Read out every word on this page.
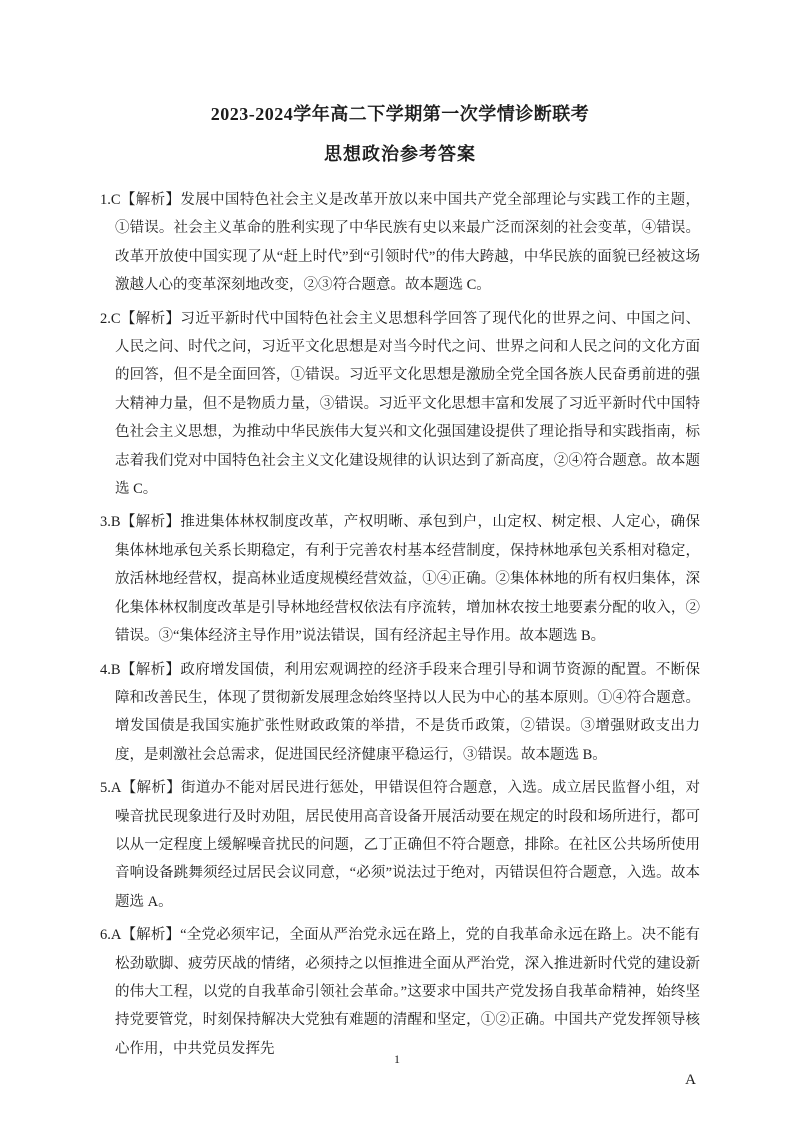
2023-2024学年高二下学期第一次学情诊断联考
思想政治参考答案

1.C【解析】发展中国特色社会主义是改革开放以来中国共产党全部理论与实践工作的主题，①错误。社会主义革命的胜利实现了中华民族有史以来最广泛而深刻的社会变革，④错误。改革开放使中国实现了从“赶上时代”到“引领时代”的伟大跨越，中华民族的面貌已经被这场激越人心的变革深刻地改变，②③符合题意。故本题选 C。

2.C【解析】习近平新时代中国特色社会主义思想科学回答了现代化的世界之问、中国之问、人民之问、时代之问，习近平文化思想是对当今时代之问、世界之问和人民之问的文化方面的回答，但不是全面回答，①错误。习近平文化思想是激励全党全国各族人民奋勇前进的强大精神力量，但不是物质力量，③错误。习近平文化思想丰富和发展了习近平新时代中国特色社会主义思想，为推动中华民族伟大复兴和文化强国建设提供了理论指导和实践指南，标志着我们党对中国特色社会主义文化建设规律的认识达到了新高度，②④符合题意。故本题选 C。

3.B【解析】推进集体林权制度改革，产权明晰、承包到户，山定权、树定根、人定心，确保集体林地承包关系长期稳定，有利于完善农村基本经营制度，保持林地承包关系相对稳定，放活林地经营权，提高林业适度规模经营效益，①④正确。②集体林地的所有权归集体，深化集体林权制度改革是引导林地经营权依法有序流转，增加林农按土地要素分配的收入，②错误。③“集体经济主导作用”说法错误，国有经济起主导作用。故本题选 B。

4.B【解析】政府增发国债，利用宏观调控的经济手段来合理引导和调节资源的配置。不断保障和改善民生，体现了贯彻新发展理念始终坚持以人民为中心的基本原则。①④符合题意。增发国债是我国实施扩张性财政政策的举措，不是货币政策，②错误。③增强财政支出力度，是刺激社会总需求，促进国民经济健康平稳运行，③错误。故本题选 B。

5.A【解析】街道办不能对居民进行惩处，甲错误但符合题意，入选。成立居民监督小组，对噪音扰民现象进行及时劝阻，居民使用高音设备开展活动要在规定的时段和场所进行，都可以从一定程度上缓解噪音扰民的问题，乙丁正确但不符合题意，排除。在社区公共场所使用音响设备跳舞须经过居民会议同意，“必须”说法过于绝对，丙错误但符合题意，入选。故本题选 A。

6.A【解析】“全党必须牢记，全面从严治党永远在路上，党的自我革命永远在路上。决不能有松劲歇脚、疲劳厌战的情绪，必须持之以恒推进全面从严治党，深入推进新时代党的建设新的伟大工程，以党的自我革命引领社会革命。”这要求中国共产党发扬自我革命精神，始终坚持党要管党，时刻保持解决大党独有难题的清醒和坚定，①②正确。中国共产党发挥领导核心作用，中共党员发挥先

1
A
